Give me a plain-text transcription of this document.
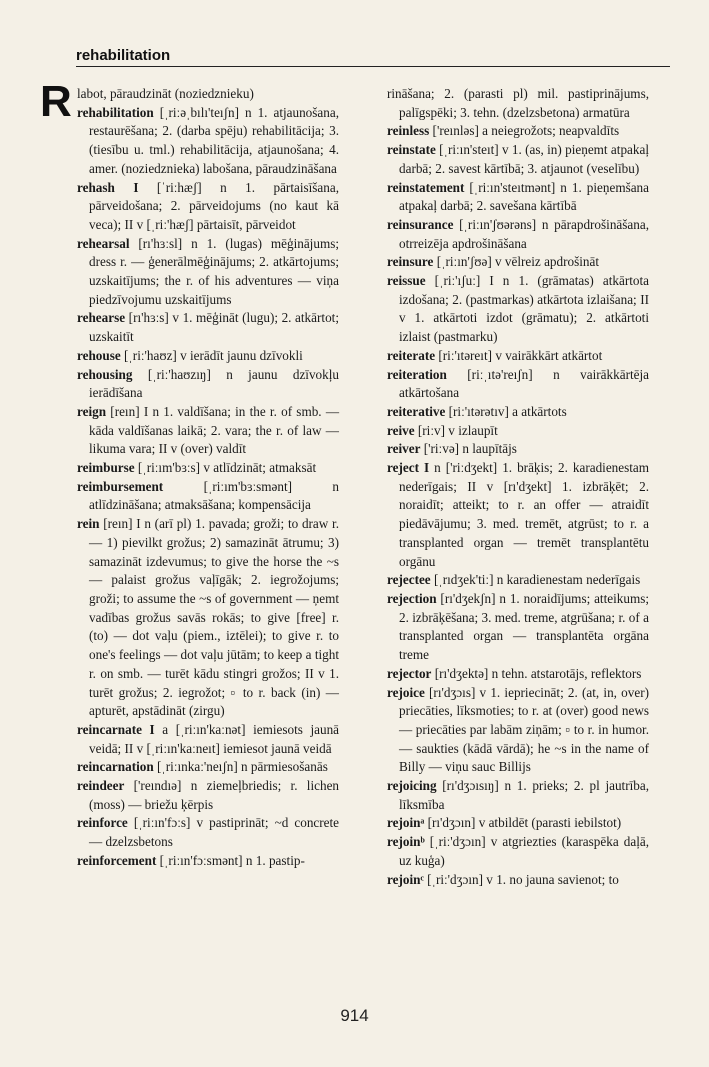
rehabilitation
R labot, pāraudzināt (noziedznieku)

rehabilitation [ˌriːəˌbılı'teıʃn] n 1. atjaunošana, restaurēšana; 2. (darba spēju) rehabilitācija; 3. (tiesību u. tml.) rehabilitācija, atjaunošana; 4. amer. (noziedznieka) labošana, pāraudzināšana

rehash I [ˈriːhæʃ] n 1. pārtaisīšana, pārveidošana; 2. pārveidojums (no kaut kā veca); II v [ˌriː'hæʃ] pārtaisīt, pārveidot

rehearsal [rı'hɜːsl] n 1. (lugas) mēģinājums; dress r. — ģenerālmēģinājums; 2. atkārtojums; uzskaitījums; the r. of his adventures — viņa piedzīvojumu uzskaitījums

rehearse [rı'hɜːs] v 1. mēģināt (lugu); 2. atkārtot; uzskaitīt

rehouse [ˌriː'haʊz] v ierādīt jaunu dzīvokli

rehousing [ˌriː'haʊzıŋ] n jaunu dzīvokļu ierādīšana

reign [reın] I n 1. valdīšana; in the r. of smb. — kāda valdīšanas laikā; 2. vara; the r. of law — likuma vara; II v (over) valdīt

reimburse [ˌriːım'bɜːs] v atlīdzināt; atmaksāt

reimbursement	[ˌriːım'bɜːsmənt]	n atlīdzināšana; atmaksāšana; kompensācija

rein [reın] I n (arī pl) 1. pavada; groži; to draw r. — 1) pievilkt grožus; 2) samazināt ātrumu; 3) samazināt izdevumus; to give the horse the ~s — palaist grožus vaļīgāk; 2. iegrožojums; groži; to assume the ~s of government — ņemt vadības grožus savās rokās; to give [free] r. (to) — dot vaļu (piem., iztēlei); to give r. to one's feelings — dot vaļu jūtām; to keep a tight r. on smb. — turēt kādu stingri grožos; II v 1. turēt grožus; 2. iegrožot; ▫ to r. back (in) — apturēt, apstādināt (zirgu)

reincarnate I a [ˌriːın'kaːnət] iemiesots jaunā veidā; II v [ˌriːın'kaːneıt] iemiesot jaunā veidā

reincarnation [ˌriːınkaː'neıʃn] n pārmiesošanās

reindeer ['reındıə] n ziemeļbriedis; r. lichen (moss) — briežu ķērpis

reinforce [ˌriːın'fɔːs] v pastiprināt; ~d concrete — dzelzsbetons

reinforcement [ˌriːın'fɔːsmənt] n 1. pastip-

rināšana; 2. (parasti pl) mil. pastiprinājums, palīgspēki; 3. tehn. (dzelzsbetona) armatūra

reinless ['reınləs] a neiegrožots; neapvaldīts

reinstate [ˌriːın'steıt] v 1. (as, in) pieņemt atpakaļ darbā; 2. savest kārtībā; 3. atjaunot (veselību)

reinstatement [ˌriːın'steıtmənt] n 1. pieņemšana atpakaļ darbā; 2. savešana kārtībā

reinsurance [ˌriːın'ʃʊərəns] n pārapdrošināšana, otrreizēja apdrošināšana

reinsure [ˌriːın'ʃʊə] v vēlreiz apdrošināt

reissue [ˌriː'ıʃuː] I n 1. (grāmatas) atkārtota izdošana; 2. (pastmarkas) atkārtota izlaišana; II v 1. atkārtoti izdot (grāmatu); 2. atkārtoti izlaist (pastmarku)

reiterate [riː'ıtəreıt] v vairākkārt atkārtot

reiteration [riːˌıtə'reıʃn] n vairākkārtēja atkārtošana

reiterative [riː'ıtərətıv] a atkārtots

reive [riːv] v izlaupīt

reiver ['riːvə] n laupītājs

reject I n ['riːdʒekt] 1. brāķis; 2. karadienestam nederīgais; II v [rı'dʒekt] 1. izbrāķēt; 2. noraidīt; atteikt; to r. an offer — atraidīt piedāvājumu; 3. med. tremēt, atgrūst; to r. a transplanted organ — tremēt transplantētu orgānu

rejectee [ˌrıdʒek'tiː] n karadienestam nederīgais

rejection [rı'dʒekʃn] n 1. noraidījums; atteikums; 2. izbrāķēšana; 3. med. treme, atgrūšana; r. of a transplanted organ — transplantēta orgāna treme

rejector [rı'dʒektə] n tehn. atstarotājs, reflektors

rejoice [rı'dʒɔıs] v 1. iepriecināt; 2. (at, in, over) priecāties, līksmoties; to r. at (over) good news — priecāties par labām ziņām; ▫ to r. in humor. — saukties (kādā vārdā); he ~s in the name of Billy — viņu sauc Billijs

rejoicing [rı'dʒɔısıŋ] n 1. prieks; 2. pl jautrība, līksmība

rejoinᵃ [rı'dʒɔın] v atbildēt (parasti iebilstot)

rejoinᵇ [ˌriː'dʒɔın] v atgriezties (karaspēka daļā, uz kuģa)

rejoinᶜ [ˌriː'dʒɔın] v 1. no jauna savienot; to

914
